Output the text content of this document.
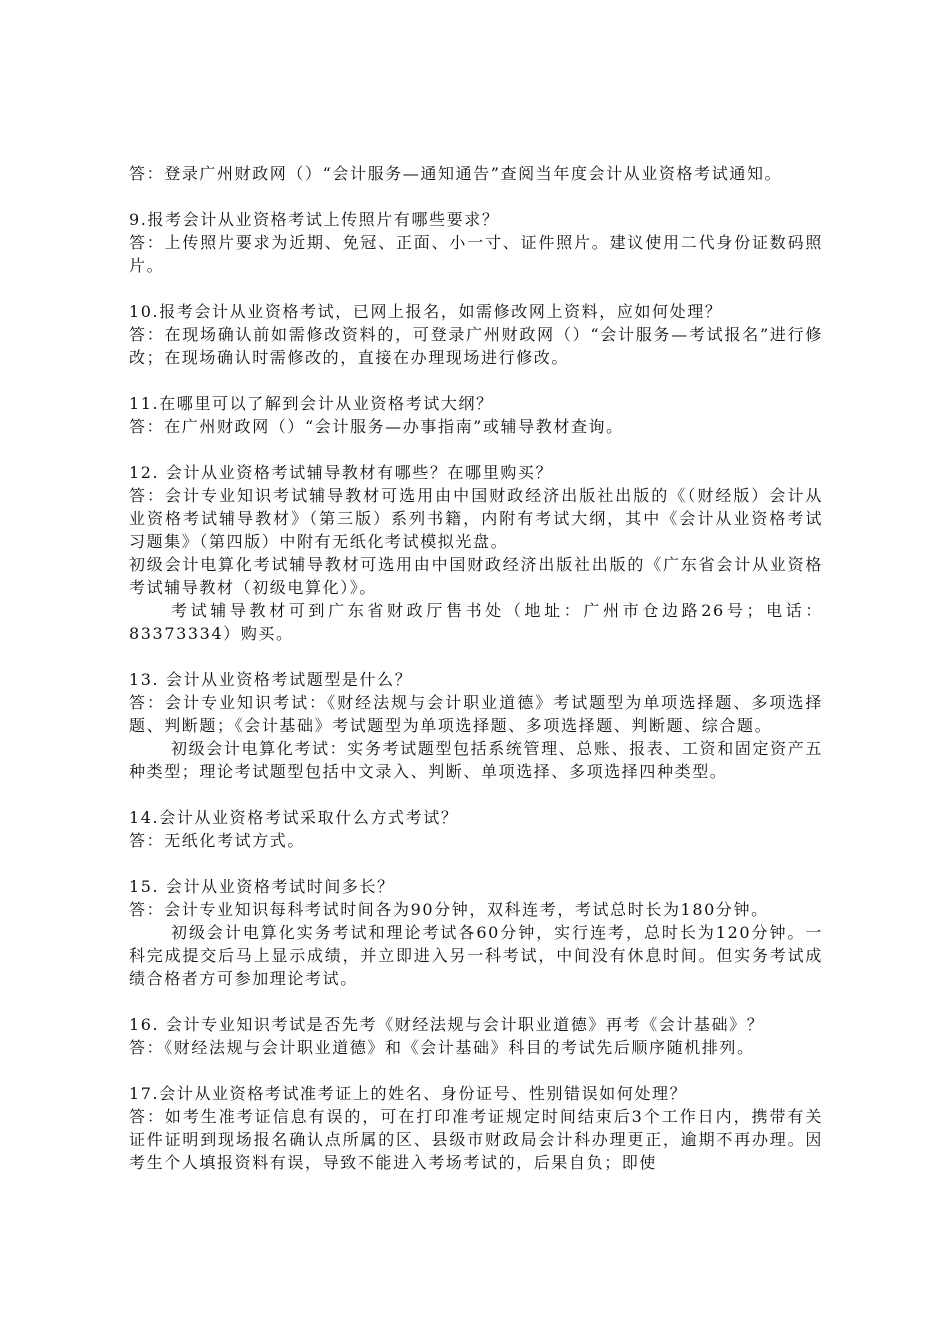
答：登录广州财政网（）“会计服务—通知通告”查阅当年度会计从业资格考试通知。

9.报考会计从业资格考试上传照片有哪些要求？

答：上传照片要求为近期、免冠、正面、小一寸、证件照片。建议使用二代身份证数码照片。

10.报考会计从业资格考试，已网上报名，如需修改网上资料，应如何处理？

答：在现场确认前如需修改资料的，可登录广州财政网（）“会计服务—考试报名”进行修改；在现场确认时需修改的，直接在办理现场进行修改。

11.在哪里可以了解到会计从业资格考试大纲？

答：在广州财政网（）“会计服务—办事指南”或辅导教材查询。

12. 会计从业资格考试辅导教材有哪些？在哪里购买？

答：会计专业知识考试辅导教材可选用由中国财政经济出版社出版的《（财经版）会计从业资格考试辅导教材》（第三版）系列书籍，内附有考试大纲，其中《会计从业资格考试习题集》（第四版）中附有无纸化考试模拟光盘。

初级会计电算化考试辅导教材可选用由中国财政经济出版社出版的《广东省会计从业资格考试辅导教材（初级电算化）》。

考试辅导教材可到广东省财政厅售书处（地址：广州市仓边路26号；电话：83373334）购买。

13. 会计从业资格考试题型是什么？

答：会计专业知识考试：《财经法规与会计职业道德》考试题型为单项选择题、多项选择题、判断题；《会计基础》考试题型为单项选择题、多项选择题、判断题、综合题。

初级会计电算化考试：实务考试题型包括系统管理、总账、报表、工资和固定资产五种类型；理论考试题型包括中文录入、判断、单项选择、多项选择四种类型。

14.会计从业资格考试采取什么方式考试？

答：无纸化考试方式。

15. 会计从业资格考试时间多长？

答：会计专业知识每科考试时间各为90分钟，双科连考，考试总时长为180分钟。

初级会计电算化实务考试和理论考试各60分钟，实行连考，总时长为120分钟。一科完成提交后马上显示成绩，并立即进入另一科考试，中间没有休息时间。但实务考试成绩合格者方可参加理论考试。

16. 会计专业知识考试是否先考《财经法规与会计职业道德》再考《会计基础》？

答：《财经法规与会计职业道德》和《会计基础》科目的考试先后顺序随机排列。

17.会计从业资格考试准考证上的姓名、身份证号、性别错误如何处理？

答：如考生准考证信息有误的，可在打印准考证规定时间结束后3个工作日内，携带有关证件证明到现场报名确认点所属的区、县级市财政局会计科办理更正，逾期不再办理。因考生个人填报资料有误，导致不能进入考场考试的，后果自负；即使
